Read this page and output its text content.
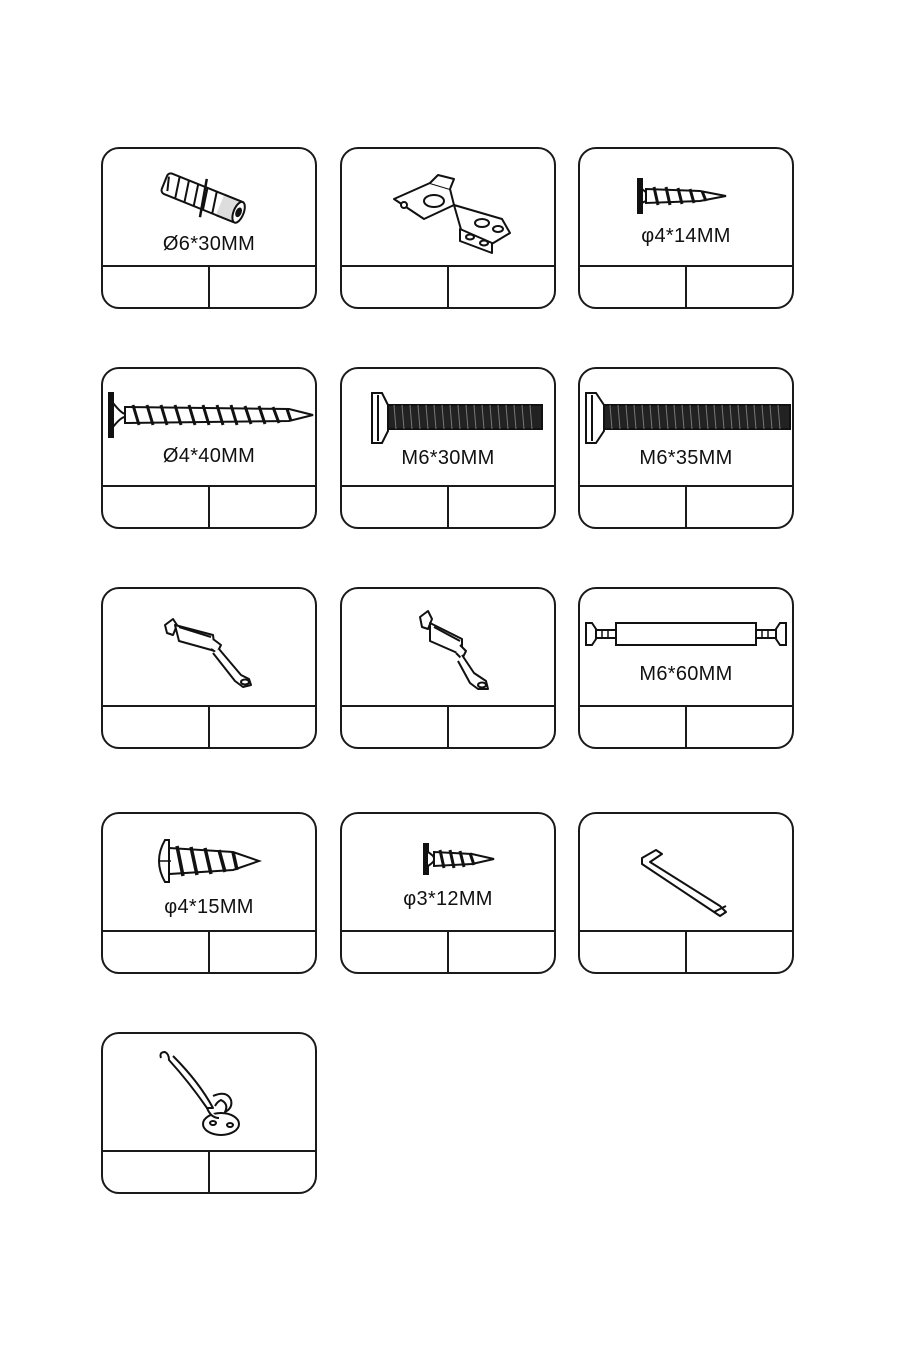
Ø6*30MM	φ4*14MM
Ø4*40MM	M6*30MM	M6*35MM
M6*60MM
φ4*15MM	φ3*12MM
